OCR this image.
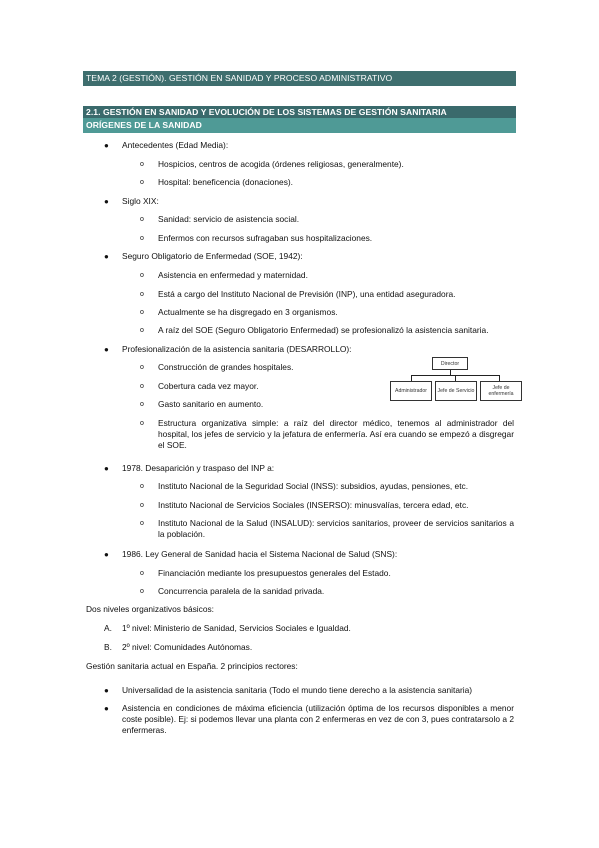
TEMA 2 (GESTIÓN). GESTIÓN EN SANIDAD Y PROCESO ADMINISTRATIVO
2.1. GESTIÓN EN SANIDAD Y EVOLUCIÓN DE LOS SISTEMAS DE GESTIÓN SANITARIA
ORÍGENES DE LA SANIDAD
● Antecedentes (Edad Media):
o Hospicios, centros de acogida (órdenes religiosas, generalmente).
o Hospital: beneficencia (donaciones).
● Siglo XIX:
o Sanidad: servicio de asistencia social.
o Enfermos con recursos sufragaban sus hospitalizaciones.
● Seguro Obligatorio de Enfermedad (SOE, 1942):
o Asistencia en enfermedad y maternidad.
o Está a cargo del Instituto Nacional de Previsión (INP), una entidad aseguradora.
o Actualmente se ha disgregado en 3 organismos.
o A raíz del SOE (Seguro Obligatorio Enfermedad) se profesionalizó la asistencia sanitaria.
● Profesionalización de la asistencia sanitaria (DESARROLLO):
o Construcción de grandes hospitales.
o Cobertura cada vez mayor.
o Gasto sanitario en aumento.
o Estructura organizativa simple: a raíz del director médico, tenemos al administrador del hospital, los jefes de servicio y la jefatura de enfermería. Así era cuando se empezó a disgregar el SOE.
Director
Administrador Jefe de Servicio	Jefe de enfermería
● 1978. Desaparición y traspaso del INP a:
o Instituto Nacional de la Seguridad Social (INSS): subsidios, ayudas, pensiones, etc.
o Instituto Nacional de Servicios Sociales (INSERSO): minusvalías, tercera edad, etc.
o Instituto Nacional de la Salud (INSALUD): servicios sanitarios, proveer de servicios sanitarios a la población.
● 1986. Ley General de Sanidad hacia el Sistema Nacional de Salud (SNS):
o Financiación mediante los presupuestos generales del Estado.
o Concurrencia paralela de la sanidad privada.
Dos niveles organizativos básicos:
A. 1º nivel: Ministerio de Sanidad, Servicios Sociales e Igualdad.
B. 2º nivel: Comunidades Autónomas.
Gestión sanitaria actual en España. 2 principios rectores:
● Universalidad de la asistencia sanitaria (Todo el mundo tiene derecho a la asistencia sanitaria)
● Asistencia en condiciones de máxima eficiencia (utilización óptima de los recursos disponibles a menor coste posible). Ej: si podemos llevar una planta con 2 enfermeras en vez de con 3, pues contratarsolo a 2 enfermeras.
